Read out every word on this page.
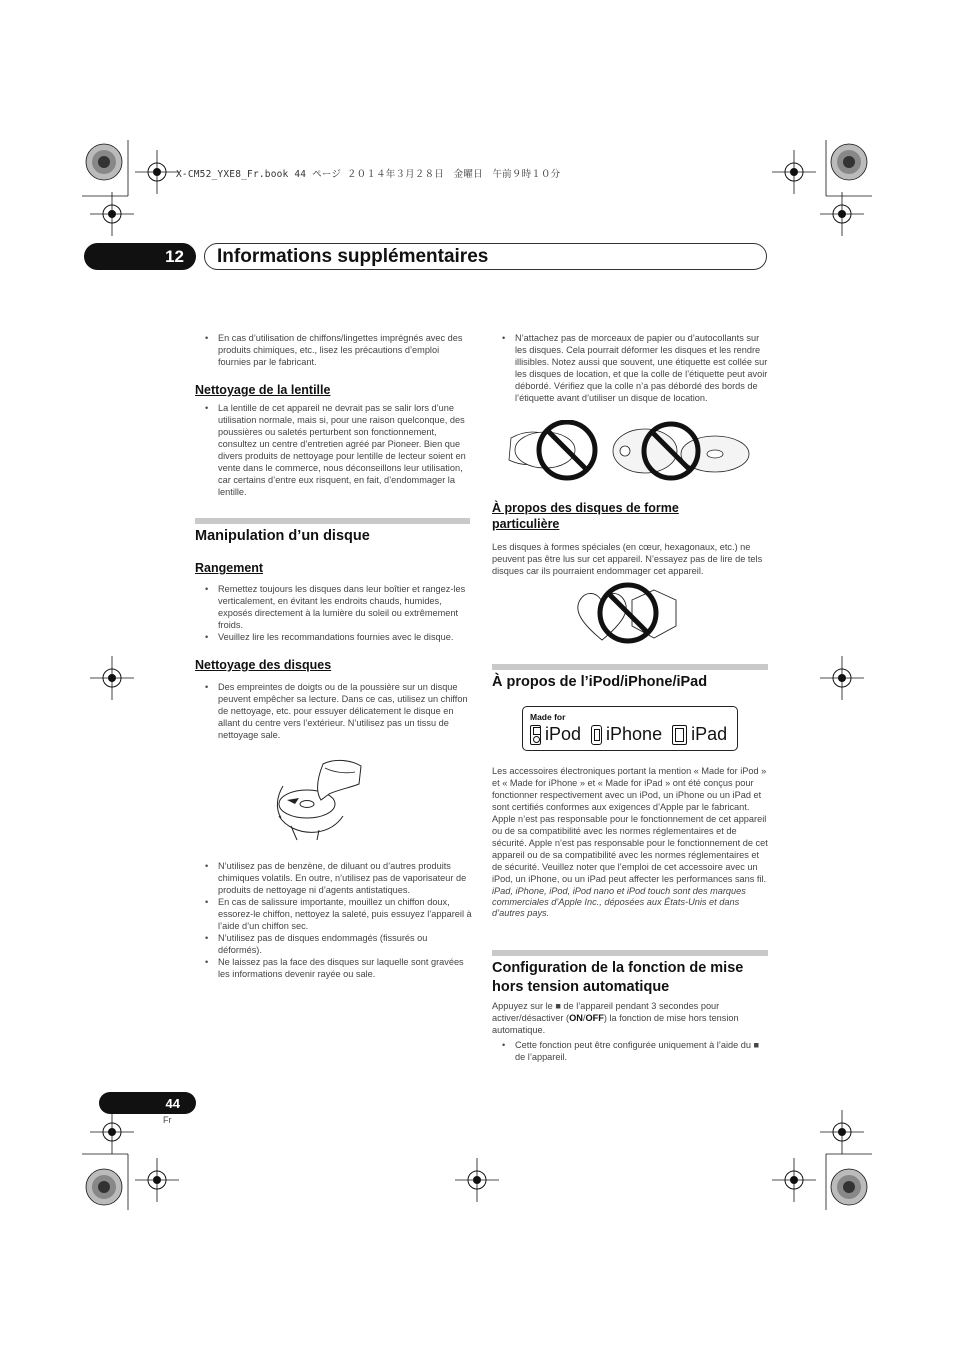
X-CM52_YXE8_Fr.book 44 ページ ２０１４年３月２８日　金曜日　午前９時１０分
12 Informations supplémentaires
• En cas d’utilisation de chiffons/lingettes imprégnés avec des produits chimiques, etc., lisez les précautions d’emploi fournies par le fabricant.
Nettoyage de la lentille
• La lentille de cet appareil ne devrait pas se salir lors d’une utilisation normale, mais si, pour une raison quelconque, des poussières ou saletés perturbent son fonctionnement, consultez un centre d’entretien agréé par Pioneer. Bien que divers produits de nettoyage pour lentille de lecteur soient en vente dans le commerce, nous déconseillons leur utilisation, car certains d’entre eux risquent, en fait, d’endommager la lentille.
Manipulation d’un disque
Rangement
• Remettez toujours les disques dans leur boîtier et rangez-les verticalement, en évitant les endroits chauds, humides, exposés directement à la lumière du soleil ou extrêmement froids.
• Veuillez lire les recommandations fournies avec le disque.
Nettoyage des disques
• Des empreintes de doigts ou de la poussière sur un disque peuvent empêcher sa lecture. Dans ce cas, utilisez un chiffon de nettoyage, etc. pour essuyer délicatement le disque en allant du centre vers l’extérieur. N’utilisez pas un tissu de nettoyage sale.
• N’utilisez pas de benzène, de diluant ou d’autres produits chimiques volatils. En outre, n’utilisez pas de vaporisateur de produits de nettoyage ni d’agents antistatiques.
• En cas de salissure importante, mouillez un chiffon doux, essorez-le chiffon, nettoyez la saleté, puis essuyez l’appareil à l’aide d’un chiffon sec.
• N’utilisez pas de disques endommagés (fissurés ou déformés).
• Ne laissez pas la face des disques sur laquelle sont gravées les informations devenir rayée ou sale.
• N’attachez pas de morceaux de papier ou d’autocollants sur les disques. Cela pourrait déformer les disques et les rendre illisibles. Notez aussi que souvent, une étiquette est collée sur les disques de location, et que la colle de l’étiquette peut avoir débordé. Vérifiez que la colle n’a pas débordé des bords de l’étiquette avant d’utiliser un disque de location.
À propos des disques de forme particulière
Les disques à formes spéciales (en cœur, hexagonaux, etc.) ne peuvent pas être lus sur cet appareil. N’essayez pas de lire de tels disques car ils pourraient endommager cet appareil.
À propos de l’iPod/iPhone/iPad
Made for
iPod iPhone iPad

Les accessoires électroniques portant la mention « Made for iPod » et « Made for iPhone » et « Made for iPad » ont été conçus pour fonctionner respectivement avec un iPod, un iPhone ou un iPad et sont certifiés conformes aux exigences d’Apple par le fabricant. Apple n’est pas responsable pour le fonctionnement de cet appareil ou de sa compatibilité avec les normes réglementaires et de sécurité. Apple n’est pas responsable pour le fonctionnement de cet appareil ou de sa compatibilité avec les normes réglementaires et de sécurité. Veuillez noter que l’emploi de cet accessoire avec un iPod, un iPhone, ou un iPad peut affecter les performances sans fil.

iPad, iPhone, iPod, iPod nano et iPod touch sont des marques commerciales d’Apple Inc., déposées aux États-Unis et dans d’autres pays.

Configuration de la fonction de mise hors tension automatique

Appuyez sur le ■ de l’appareil pendant 3 secondes pour activer/désactiver (ON/OFF) la fonction de mise hors tension automatique.

• Cette fonction peut être configurée uniquement à l’aide du ■ de l’appareil.
44
Fr
